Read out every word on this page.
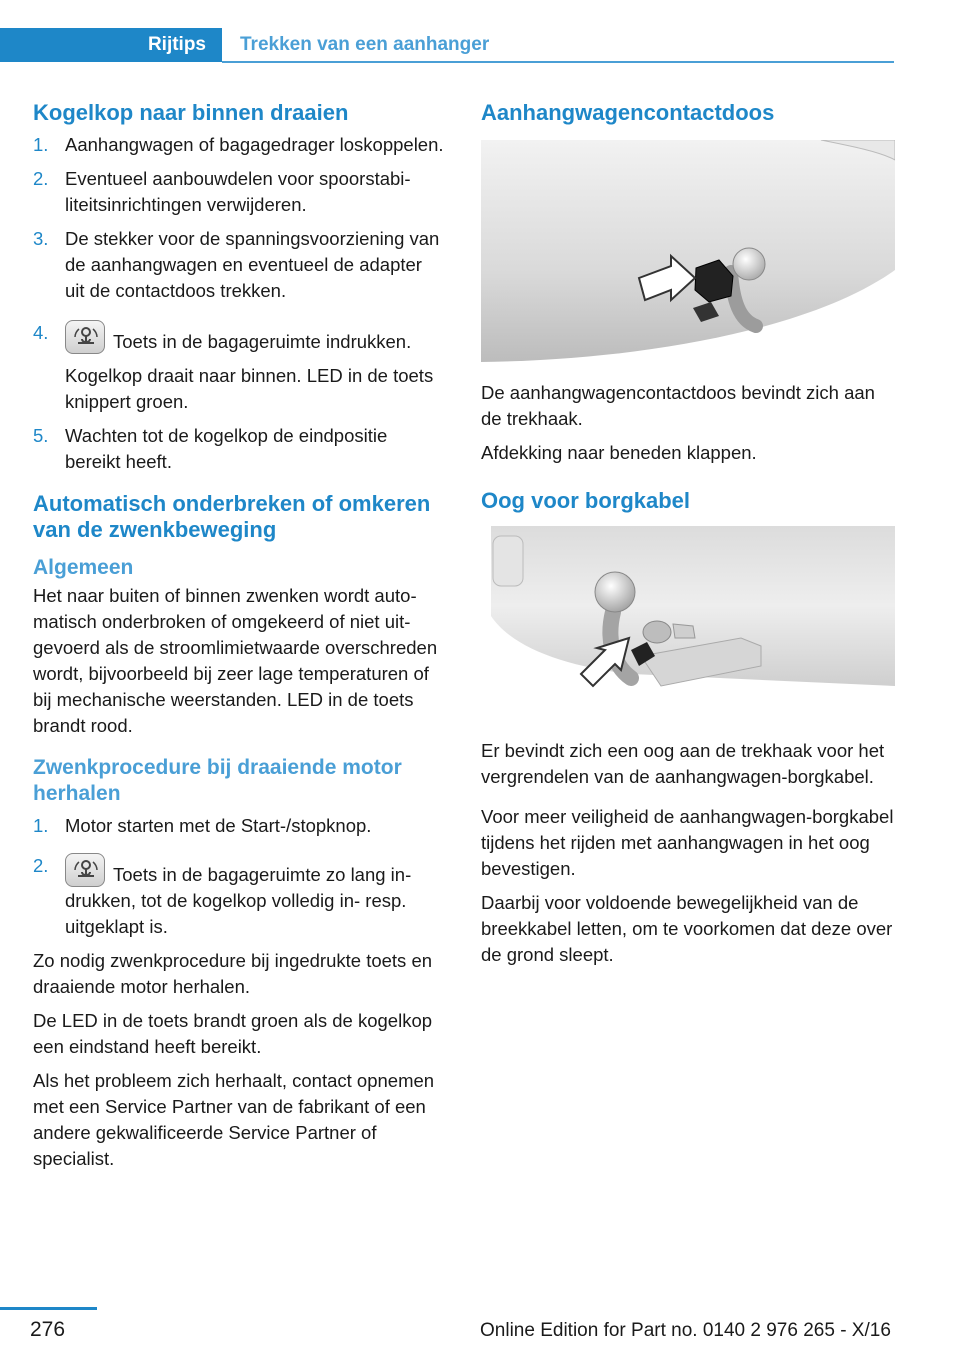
Rijtips	Trekken van een aanhanger
Kogelkop naar binnen draaien
1. Aanhangwagen of bagagedrager loskoppelen.
2. Eventueel aanbouwdelen voor spoorstabiliteitsinrichtingen verwijderen.
3. De stekker voor de spanningsvoorziening van de aanhangwagen en eventueel de adapter uit de contactdoos trekken.
4.	Toets in de bagageruimte indrukken.
Kogelkop draait naar binnen. LED in de toets knippert groen.
5. Wachten tot de kogelkop de eindpositie bereikt heeft.
Automatisch onderbreken of omkeren van de zwenkbeweging
Algemeen

Het naar buiten of binnen zwenken wordt automatisch onderbroken of omgekeerd of niet uitgevoerd als de stroomlimietwaarde overschreden wordt, bijvoorbeeld bij zeer lage temperaturen of bij mechanische weerstanden. LED in de toets brandt rood.

Zwenkprocedure bij draaiende motor herhalen
1. Motor starten met de Start-/stopknop.
2.	Toets in de bagageruimte zo lang indrukken, tot de kogelkop volledig in- resp. uitgeklapt is.

Zo nodig zwenkprocedure bij ingedrukte toets en draaiende motor herhalen.

De LED in de toets brandt groen als de kogelkop een eindstand heeft bereikt.

Als het probleem zich herhaalt, contact opnemen met een Service Partner van de fabrikant of een andere gekwalificeerde Service Partner of specialist.

Aanhangwagencontactdoos

De aanhangwagencontactdoos bevindt zich aan de trekhaak.

Afdekking naar beneden klappen.

Oog voor borgkabel

Er bevindt zich een oog aan de trekhaak voor het vergrendelen van de aanhangwagen-borgkabel.

Voor meer veiligheid de aanhangwagen-borgkabel tijdens het rijden met aanhangwagen in het oog bevestigen.

Daarbij voor voldoende bewegelijkheid van de breekkabel letten, om te voorkomen dat deze over de grond sleept.

276	Online Edition for Part no. 0140 2 976 265 - X/16
